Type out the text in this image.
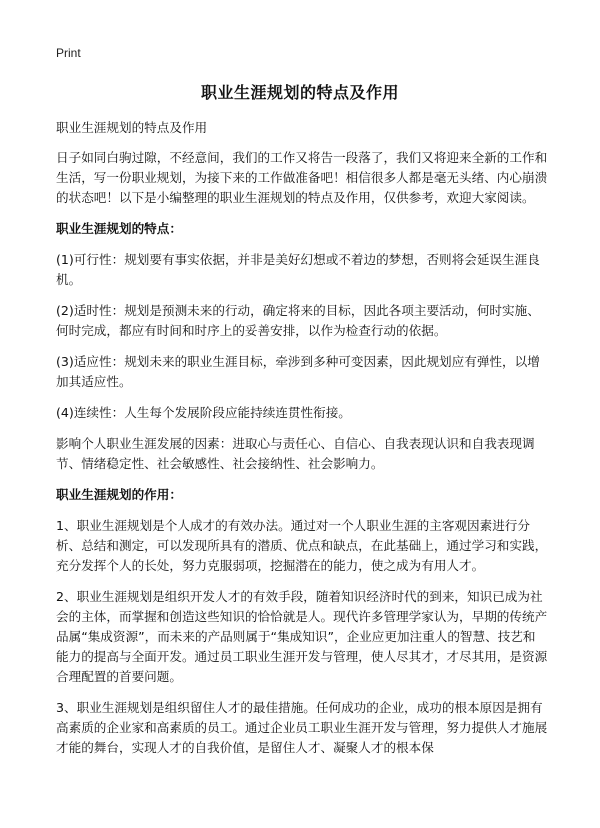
Print
职业生涯规划的特点及作用

职业生涯规划的特点及作用

日子如同白驹过隙，不经意间，我们的工作又将告一段落了，我们又将迎来全新的工作和生活，写一份职业规划，为接下来的工作做准备吧！相信很多人都是毫无头绪、内心崩溃的状态吧！以下是小编整理的职业生涯规划的特点及作用，仅供参考，欢迎大家阅读。

职业生涯规划的特点：

(1)可行性：规划要有事实依据，并非是美好幻想或不着边的梦想，否则将会延误生涯良机。

(2)适时性：规划是预测未来的行动，确定将来的目标，因此各项主要活动，何时实施、何时完成，都应有时间和时序上的妥善安排，以作为检查行动的依据。

(3)适应性：规划未来的职业生涯目标，牵涉到多种可变因素，因此规划应有弹性，以增加其适应性。

(4)连续性：人生每个发展阶段应能持续连贯性衔接。

影响个人职业生涯发展的因素：进取心与责任心、自信心、自我表现认识和自我表现调节、情绪稳定性、社会敏感性、社会接纳性、社会影响力。

职业生涯规划的作用：

1、职业生涯规划是个人成才的有效办法。通过对一个人职业生涯的主客观因素进行分析、总结和测定，可以发现所具有的潜质、优点和缺点，在此基础上，通过学习和实践，充分发挥个人的长处，努力克服弱项，挖掘潜在的能力，使之成为有用人才。

2、职业生涯规划是组织开发人才的有效手段，随着知识经济时代的到来，知识已成为社会的主体，而掌握和创造这些知识的恰恰就是人。现代许多管理学家认为，早期的传统产品属“集成资源”，而未来的产品则属于“集成知识”，企业应更加注重人的智慧、技艺和能力的提高与全面开发。通过员工职业生涯开发与管理，使人尽其才，才尽其用，是资源合理配置的首要问题。

3、职业生涯规划是组织留住人才的最佳措施。任何成功的企业，成功的根本原因是拥有高素质的企业家和高素质的员工。通过企业员工职业生涯开发与管理，努力提供人才施展才能的舞台，实现人才的自我价值，是留住人才、凝聚人才的根本保
